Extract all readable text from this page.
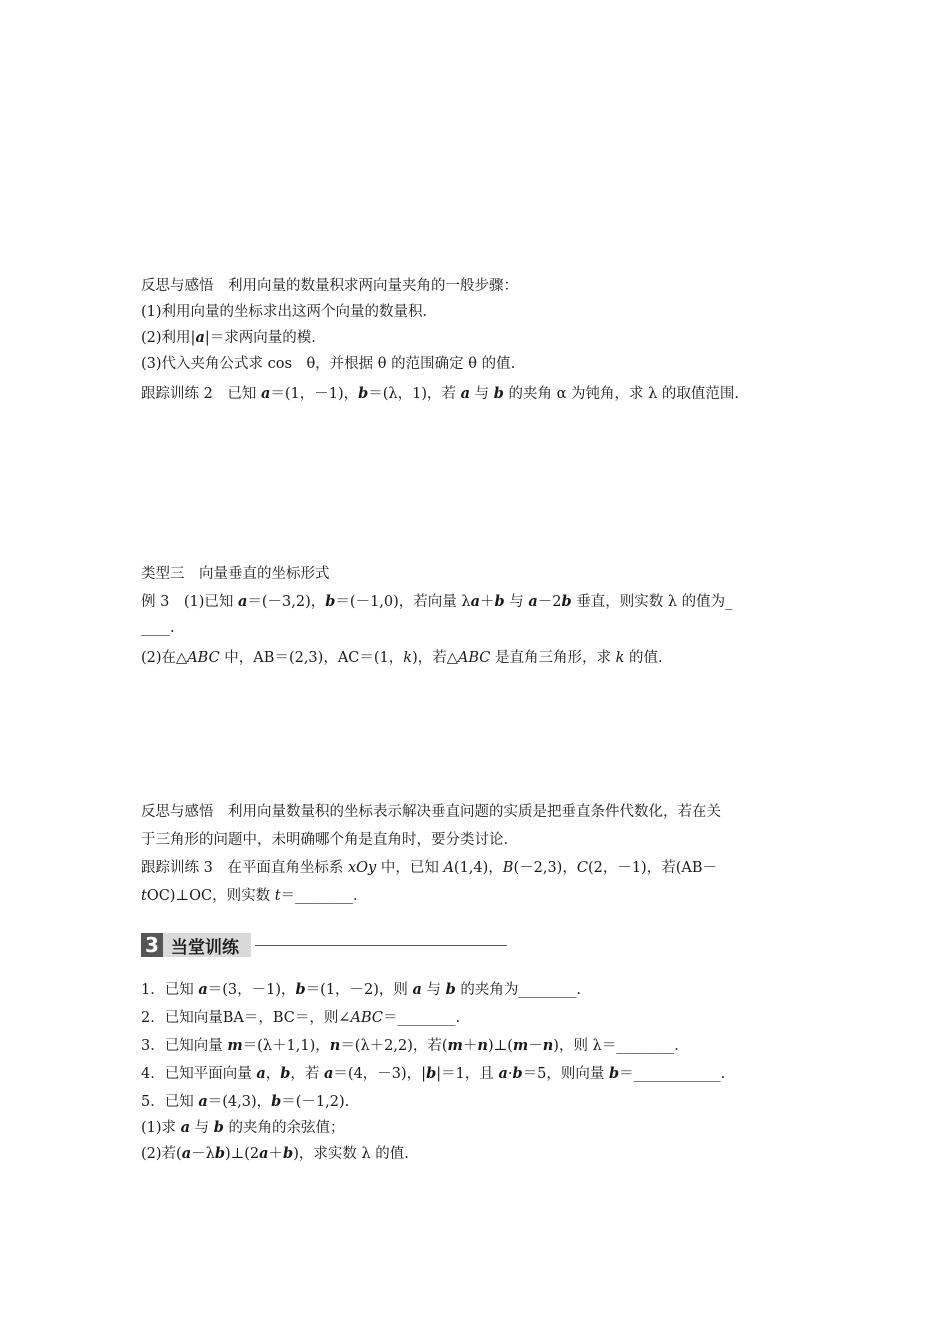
反思与感悟　利用向量的数量积求两向量夹角的一般步骤：
(1)利用向量的坐标求出这两个向量的数量积.
(2)利用|a|＝求两向量的模.
(3)代入夹角公式求 cos　θ，并根据 θ 的范围确定 θ 的值.
跟踪训练 2　已知 a＝(1，－1)，b＝(λ，1)，若 a 与 b 的夹角 α 为钝角，求 λ 的取值范围.
类型三　向量垂直的坐标形式
例 3　(1)已知 a＝(－3,2)，b＝(－1,0)，若向量 λa＋b 与 a－2b 垂直，则实数 λ 的值为_
____.
(2)在△ABC 中，AB＝(2,3)，AC＝(1，k)，若△ABC 是直角三角形，求 k 的值.
反思与感悟　利用向量数量积的坐标表示解决垂直问题的实质是把垂直条件代数化，若在关
于三角形的问题中，未明确哪个角是直角时，要分类讨论.
跟踪训练 3　在平面直角坐标系 xOy 中，已知 A(1,4)，B(－2,3)，C(2，－1)，若(AB－
tOC)⊥OC，则实数 t＝________.
3 当堂训练
1．已知 a＝(3，－1)，b＝(1，－2)，则 a 与 b 的夹角为________.
2．已知向量BA＝，BC＝，则∠ABC＝________.
3．已知向量 m＝(λ＋1,1)，n＝(λ＋2,2)，若(m＋n)⊥(m－n)，则 λ＝________.
4．已知平面向量 a，b，若 a＝(4，－3)，|b|＝1，且 a·b＝5，则向量 b＝____________.
5．已知 a＝(4,3)，b＝(－1,2).
(1)求 a 与 b 的夹角的余弦值；
(2)若(a－λb)⊥(2a＋b)，求实数 λ 的值.
